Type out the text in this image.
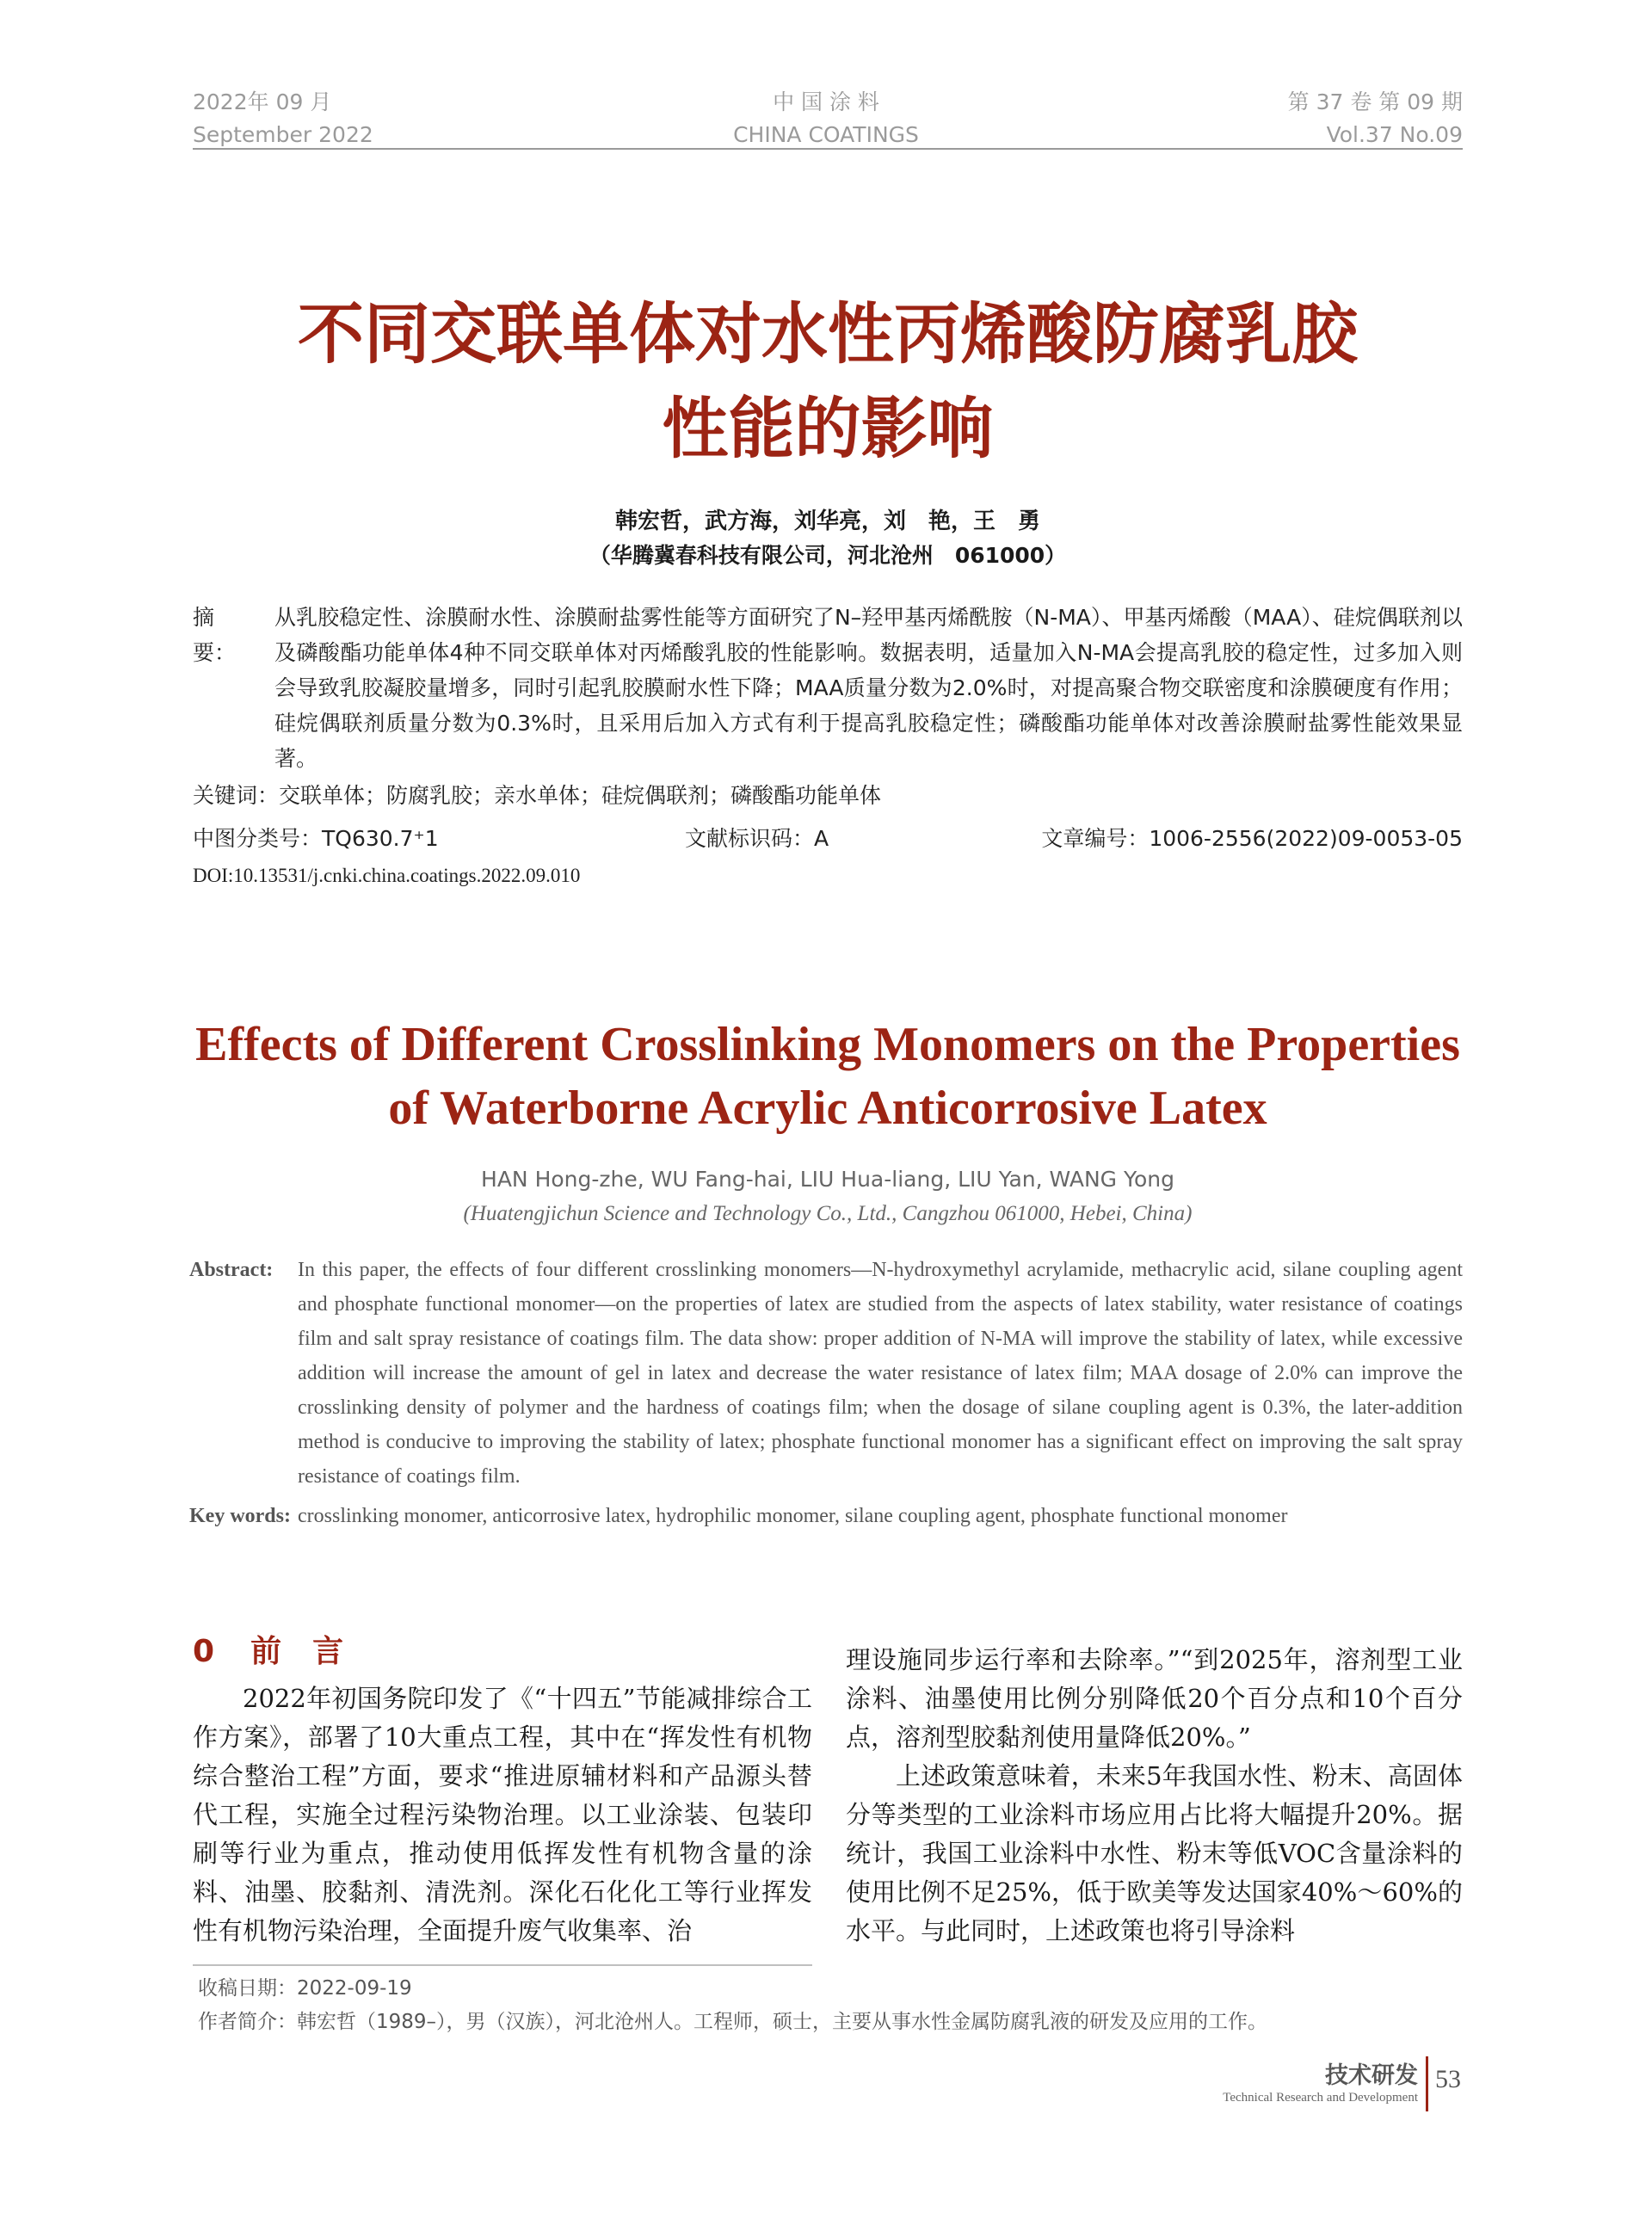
2022年 09 月
September 2022
中 国 涂 料
CHINA COATINGS
第 37 卷 第 09 期
Vol.37 No.09
不同交联单体对水性丙烯酸防腐乳胶
性能的影响
韩宏哲，武方海，刘华亮，刘　艳，王　勇
（华腾冀春科技有限公司，河北沧州　061000）
摘　要：
从乳胶稳定性、涂膜耐水性、涂膜耐盐雾性能等方面研究了N–羟甲基丙烯酰胺（N-MA）、甲基丙烯酸（MAA）、硅烷偶联剂以及磷酸酯功能单体4种不同交联单体对丙烯酸乳胶的性能影响。数据表明，适量加入N-MA会提高乳胶的稳定性，过多加入则会导致乳胶凝胶量增多，同时引起乳胶膜耐水性下降；MAA质量分数为2.0%时，对提高聚合物交联密度和涂膜硬度有作用；硅烷偶联剂质量分数为0.3%时，且采用后加入方式有利于提高乳胶稳定性；磷酸酯功能单体对改善涂膜耐盐雾性能效果显著。
关键词：交联单体；防腐乳胶；亲水单体；硅烷偶联剂；磷酸酯功能单体
中图分类号：TQ630.7⁺1	文献标识码：A	文章编号：1006-2556(2022)09-0053-05
DOI:10.13531/j.cnki.china.coatings.2022.09.010
Effects of Different Crosslinking Monomers on the Properties
of Waterborne Acrylic Anticorrosive Latex
HAN Hong-zhe, WU Fang-hai, LIU Hua-liang, LIU Yan, WANG Yong
(Huatengjichun Science and Technology Co., Ltd., Cangzhou 061000, Hebei, China)
Abstract:	In this paper, the effects of four different crosslinking monomers—N-hydroxymethyl acrylamide, methacrylic acid, silane coupling agent and phosphate functional monomer—on the properties of latex are studied from the aspects of latex stability, water resistance of coatings film and salt spray resistance of coatings film. The data show: proper addition of N-MA will improve the stability of latex, while excessive addition will increase the amount of gel in latex and decrease the water resistance of latex film; MAA dosage of 2.0% can improve the crosslinking density of polymer and the hardness of coatings film; when the dosage of silane coupling agent is 0.3%, the later-addition method is conducive to improving the stability of latex; phosphate functional monomer has a significant effect on improving the salt spray resistance of coatings film.
Key words: crosslinking monomer, anticorrosive latex, hydrophilic monomer, silane coupling agent, phosphate functional monomer
0 前　言

2022年初国务院印发了《“十四五”节能减排综合工作方案》，部署了10大重点工程，其中在“挥发性有机物综合整治工程”方面，要求“推进原辅材料和产品源头替代工程，实施全过程污染物治理。以工业涂装、包装印刷等行业为重点，推动使用低挥发性有机物含量的涂料、油墨、胶黏剂、清洗剂。深化石化化工等行业挥发性有机物污染治理，全面提升废气收集率、治

理设施同步运行率和去除率。”“到2025年，溶剂型工业涂料、油墨使用比例分别降低20个百分点和10个百分点，溶剂型胶黏剂使用量降低20%。”

上述政策意味着，未来5年我国水性、粉末、高固体分等类型的工业涂料市场应用占比将大幅提升20%。据统计，我国工业涂料中水性、粉末等低VOC含量涂料的使用比例不足25%，低于欧美等发达国家40%～60%的水平。与此同时，上述政策也将引导涂料

收稿日期：2022-09-19
作者简介：韩宏哲（1989–），男（汉族），河北沧州人。工程师，硕士，主要从事水性金属防腐乳液的研发及应用的工作。
技术研发
Technical Research and Development
53
